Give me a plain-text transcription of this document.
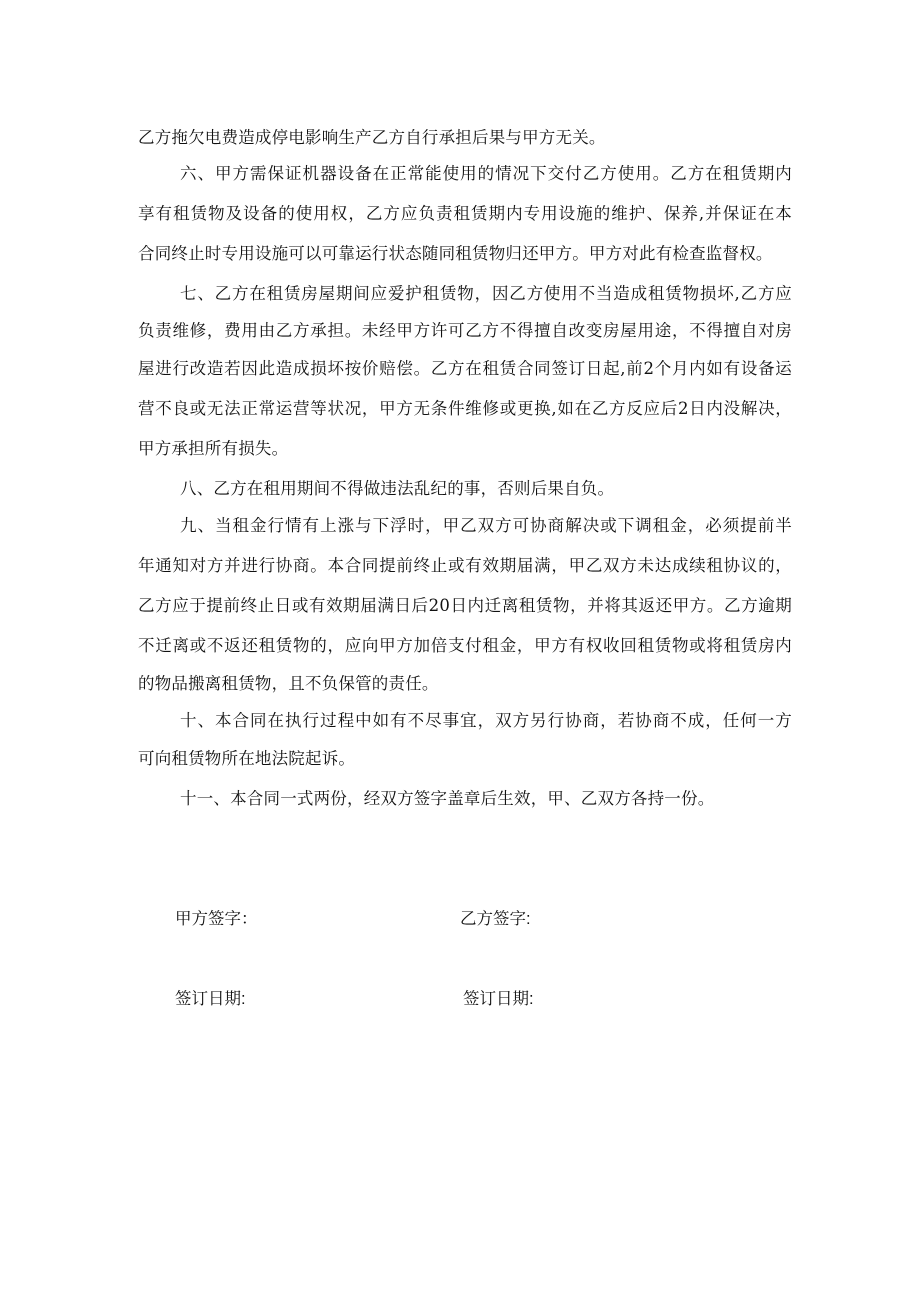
乙方拖欠电费造成停电影响生产乙方自行承担后果与甲方无关。
六、甲方需保证机器设备在正常能使用的情况下交付乙方使用。乙方在租赁期内
享有租赁物及设备的使用权，乙方应负责租赁期内专用设施的维护、保养,并保证在本
合同终止时专用设施可以可靠运行状态随同租赁物归还甲方。甲方对此有检查监督权。
七、乙方在租赁房屋期间应爱护租赁物，因乙方使用不当造成租赁物损坏,乙方应
负责维修，费用由乙方承担。未经甲方许可乙方不得擅自改变房屋用途，不得擅自对房
屋进行改造若因此造成损坏按价赔偿。乙方在租赁合同签订日起,前2个月内如有设备运
营不良或无法正常运营等状况，甲方无条件维修或更换,如在乙方反应后2日内没解决，
甲方承担所有损失。
八、乙方在租用期间不得做违法乱纪的事，否则后果自负。
九、当租金行情有上涨与下浮时，甲乙双方可协商解决或下调租金，必须提前半
年通知对方并进行协商。本合同提前终止或有效期届满，甲乙双方未达成续租协议的，
乙方应于提前终止日或有效期届满日后20日内迁离租赁物，并将其返还甲方。乙方逾期
不迁离或不返还租赁物的，应向甲方加倍支付租金，甲方有权收回租赁物或将租赁房内
的物品搬离租赁物，且不负保管的责任。
十、本合同在执行过程中如有不尽事宜，双方另行协商，若协商不成，任何一方
可向租赁物所在地法院起诉。
十一、本合同一式两份，经双方签字盖章后生效，甲、乙双方各持一份。
甲方签字：	乙方签字:
签订日期:	签订日期:
